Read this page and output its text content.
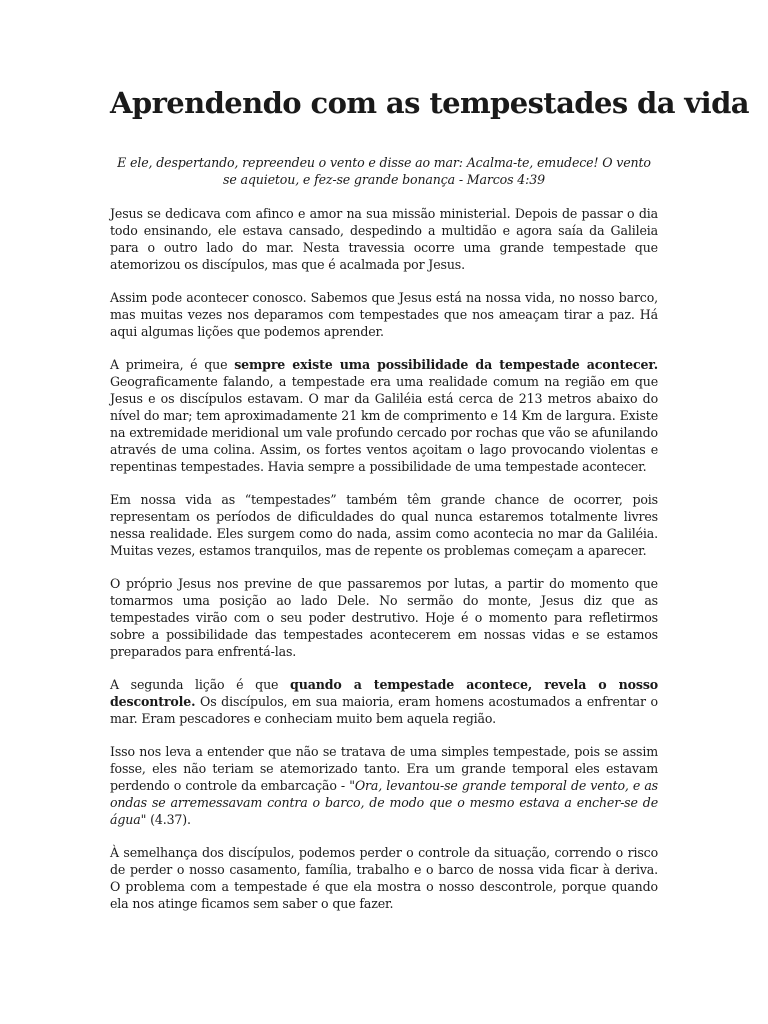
Aprendendo com as tempestades da vida
E ele, despertando, repreendeu o vento e disse ao mar: Acalma-te, emudece! O vento se aquietou, e fez-se grande bonança - Marcos 4:39

Jesus se dedicava com afinco e amor na sua missão ministerial. Depois de passar o dia todo ensinando, ele estava cansado, despedindo a multidão e agora saía da Galileia para o outro lado do mar. Nesta travessia ocorre uma grande tempestade que atemorizou os discípulos, mas que é acalmada por Jesus.

Assim pode acontecer conosco. Sabemos que Jesus está na nossa vida, no nosso barco, mas muitas vezes nos deparamos com tempestades que nos ameaçam tirar a paz. Há aqui algumas lições que podemos aprender.

A primeira, é que sempre existe uma possibilidade da tempestade acontecer. Geograficamente falando, a tempestade era uma realidade comum na região em que Jesus e os discípulos estavam. O mar da Galiléia está cerca de 213 metros abaixo do nível do mar; tem aproximadamente 21 km de comprimento e 14 Km de largura. Existe na extremidade meridional um vale profundo cercado por rochas que vão se afunilando através de uma colina. Assim, os fortes ventos açoitam o lago provocando violentas e repentinas tempestades. Havia sempre a possibilidade de uma tempestade acontecer.

Em nossa vida as “tempestades” também têm grande chance de ocorrer, pois representam os períodos de dificuldades do qual nunca estaremos totalmente livres nessa realidade. Eles surgem como do nada, assim como acontecia no mar da Galiléia. Muitas vezes, estamos tranquilos, mas de repente os problemas começam a aparecer.

O próprio Jesus nos previne de que passaremos por lutas, a partir do momento que tomarmos uma posição ao lado Dele. No sermão do monte, Jesus diz que as tempestades virão com o seu poder destrutivo. Hoje é o momento para refletirmos sobre a possibilidade das tempestades acontecerem em nossas vidas e se estamos preparados para enfrentá-las.

A segunda lição é que quando a tempestade acontece, revela o nosso descontrole. Os discípulos, em sua maioria, eram homens acostumados a enfrentar o mar. Eram pescadores e conheciam muito bem aquela região.

Isso nos leva a entender que não se tratava de uma simples tempestade, pois se assim fosse, eles não teriam se atemorizado tanto. Era um grande temporal eles estavam perdendo o controle da embarcação - "Ora, levantou-se grande temporal de vento, e as ondas se arremessavam contra o barco, de modo que o mesmo estava a encher-se de água" (4.37).

À semelhança dos discípulos, podemos perder o controle da situação, correndo o risco de perder o nosso casamento, família, trabalho e o barco de nossa vida ficar à deriva. O problema com a tempestade é que ela mostra o nosso descontrole, porque quando ela nos atinge ficamos sem saber o que fazer.
